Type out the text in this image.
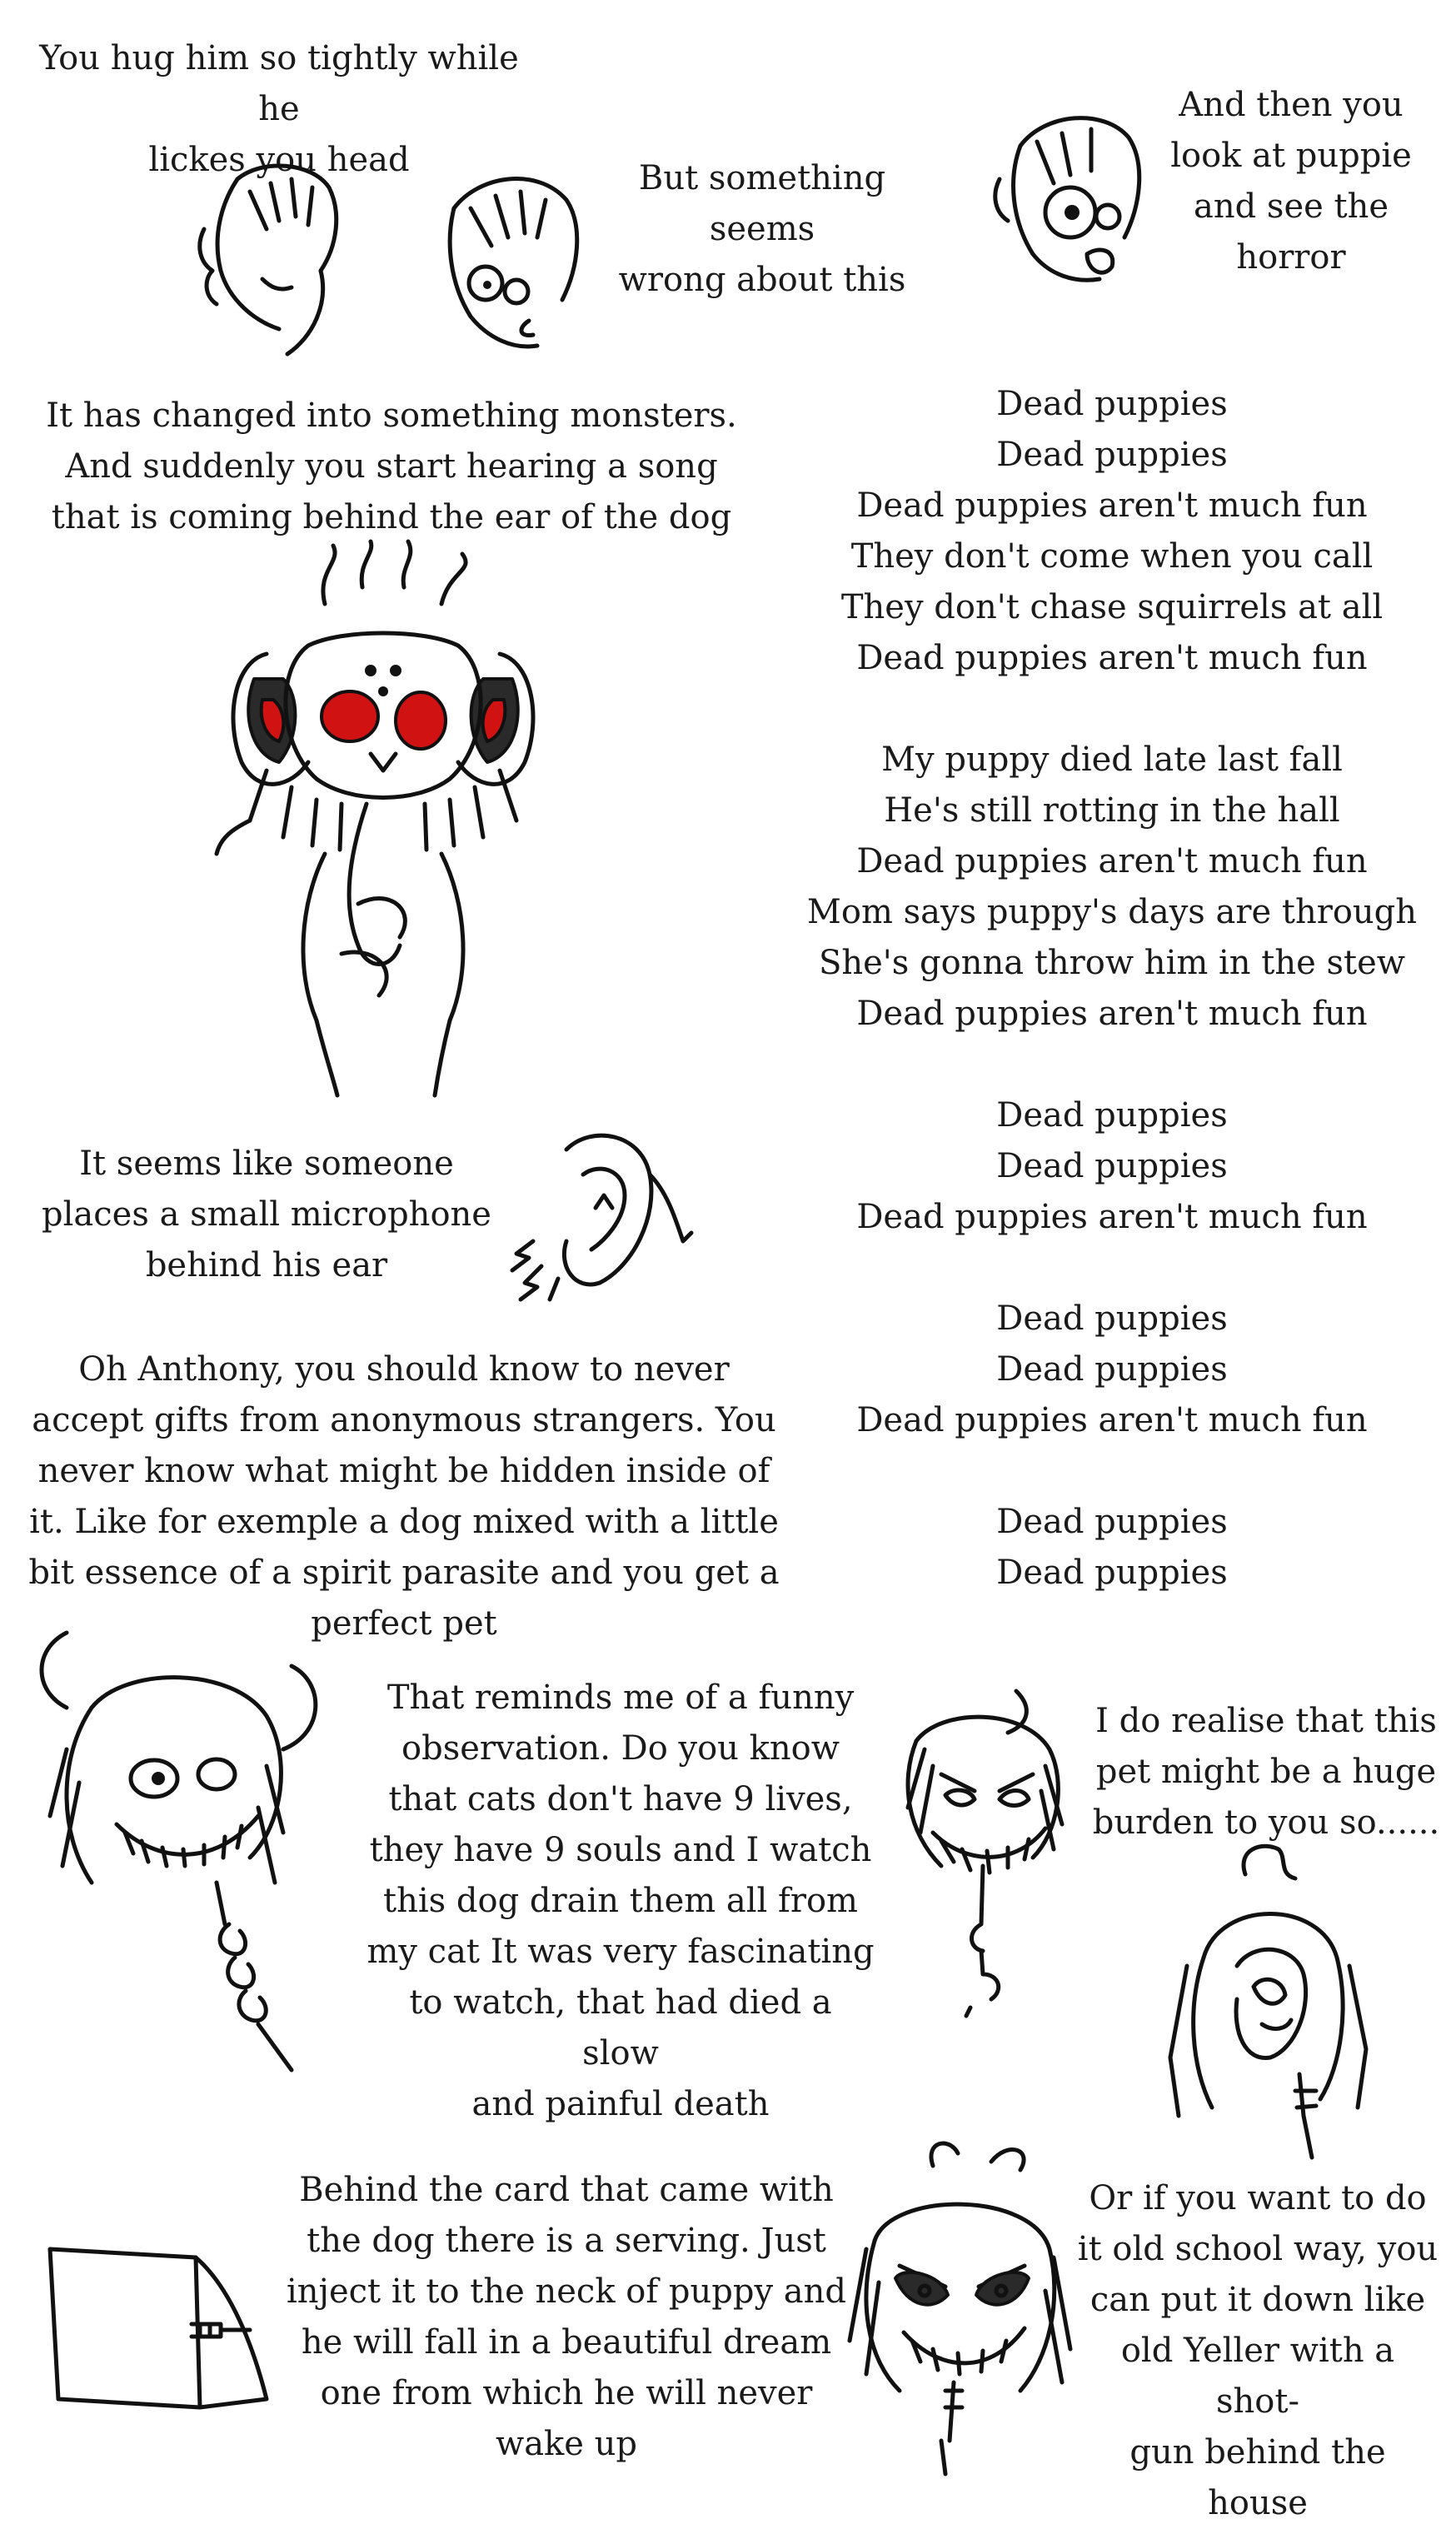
You hug him so tightly while he
lickes you head	But something seems
wrong about this

And then you
look at puppie
and see the
horror

It has changed into something monsters.
And suddenly you start hearing a song
that is coming behind the ear of the dog

Dead puppies
Dead puppies
Dead puppies aren't much fun
They don't come when you call
They don't chase squirrels at all
Dead puppies aren't much fun

My puppy died late last fall
He's still rotting in the hall
Dead puppies aren't much fun
Mom says puppy's days are through
She's gonna throw him in the stew
Dead puppies aren't much fun

Dead puppies
Dead puppies
Dead puppies aren't much fun

Dead puppies
Dead puppies
Dead puppies aren't much fun

Dead puppies
Dead puppies

It seems like someone
places a small microphone
behind his ear

Oh Anthony, you should know to never
accept gifts from anonymous strangers. You
never know what might be hidden inside of
it. Like for exemple a dog mixed with a little
bit essence of a spirit parasite and you get a
perfect pet

That reminds me of a funny
observation. Do you know
that cats don't have 9 lives,
they have 9 souls and I watch
this dog drain them all from
my cat It was very fascinating
to watch, that had died a slow
and painful death

I do realise that this
pet might be a huge
burden to you so......

Behind the card that came with
the dog there is a serving. Just
inject it to the neck of puppy and
he will fall in a beautiful dream
one from which he will never
wake up

Or if you want to do
it old school way, you
can put it down like
old Yeller with a shot-
gun behind the
house
